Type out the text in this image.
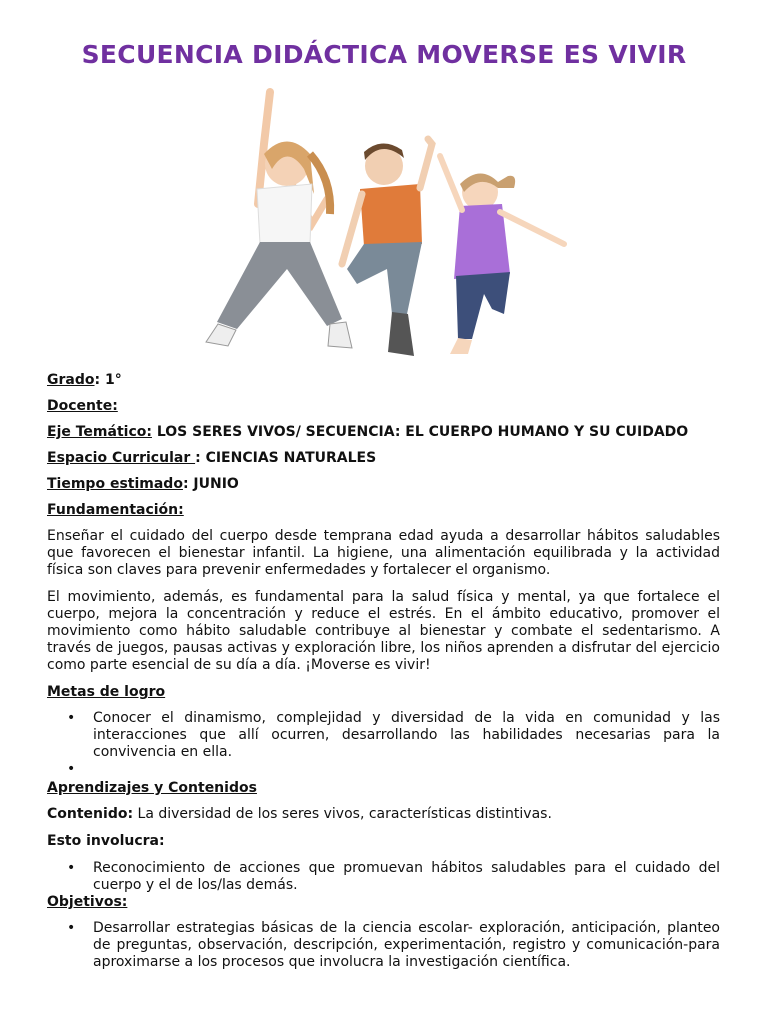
SECUENCIA DIDÁCTICA MOVERSE ES VIVIR
Grado: 1°
Docente:
Eje Temático: LOS SERES VIVOS/ SECUENCIA: EL CUERPO HUMANO Y SU CUIDADO
Espacio Curricular : CIENCIAS NATURALES
Tiempo estimado: JUNIO
Fundamentación:
Enseñar el cuidado del cuerpo desde temprana edad ayuda a desarrollar hábitos saludables que favorecen el bienestar infantil. La higiene, una alimentación equilibrada y la actividad física son claves para prevenir enfermedades y fortalecer el organismo.
El movimiento, además, es fundamental para la salud física y mental, ya que fortalece el cuerpo, mejora la concentración y reduce el estrés. En el ámbito educativo, promover el movimiento como hábito saludable contribuye al bienestar y combate el sedentarismo. A través de juegos, pausas activas y exploración libre, los niños aprenden a disfrutar del ejercicio como parte esencial de su día a día. ¡Moverse es vivir!
Metas de logro
• Conocer el dinamismo, complejidad y diversidad de la vida en comunidad y las interacciones que allí ocurren, desarrollando las habilidades necesarias para la convivencia en ella.
•
Aprendizajes y Contenidos
Contenido: La diversidad de los seres vivos, características distintivas.
Esto involucra:
• Reconocimiento de acciones que promuevan hábitos saludables para el cuidado del cuerpo y el de los/las demás.
Objetivos:
• Desarrollar estrategias básicas de la ciencia escolar- exploración, anticipación, planteo de preguntas, observación, descripción, experimentación, registro y comunicación-para aproximarse a los procesos que involucra la investigación científica.
